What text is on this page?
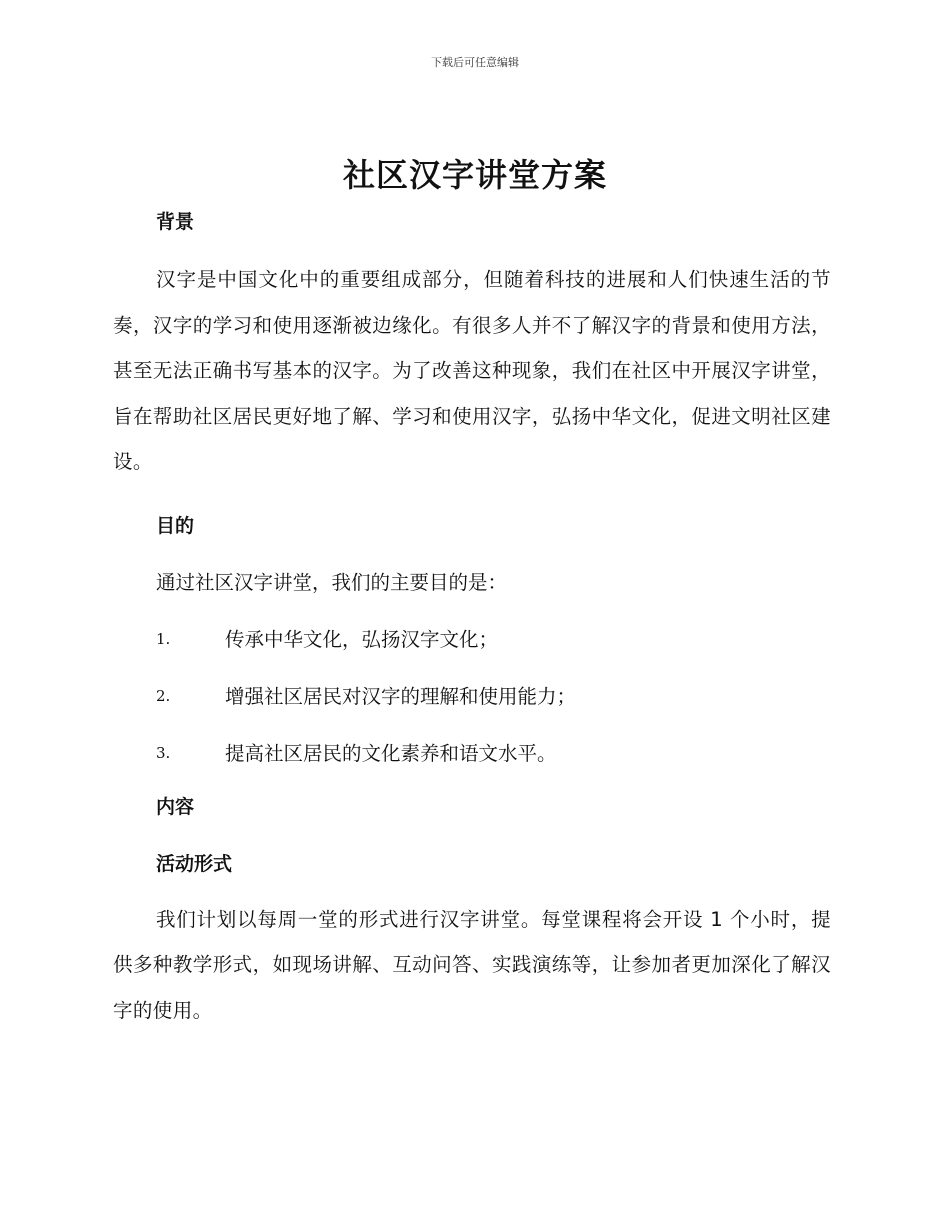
下载后可任意编辑
社区汉字讲堂方案
背景

汉字是中国文化中的重要组成部分，但随着科技的进展和人们快速生活的节奏，汉字的学习和使用逐渐被边缘化。有很多人并不了解汉字的背景和使用方法，甚至无法正确书写基本的汉字。为了改善这种现象，我们在社区中开展汉字讲堂，旨在帮助社区居民更好地了解、学习和使用汉字，弘扬中华文化，促进文明社区建设。

目的

通过社区汉字讲堂，我们的主要目的是：

1.	传承中华文化，弘扬汉字文化；
2.	增强社区居民对汉字的理解和使用能力；
3.	提高社区居民的文化素养和语文水平。
内容
活动形式

我们计划以每周一堂的形式进行汉字讲堂。每堂课程将会开设 1 个小时，提供多种教学形式，如现场讲解、互动问答、实践演练等，让参加者更加深化了解汉字的使用。
